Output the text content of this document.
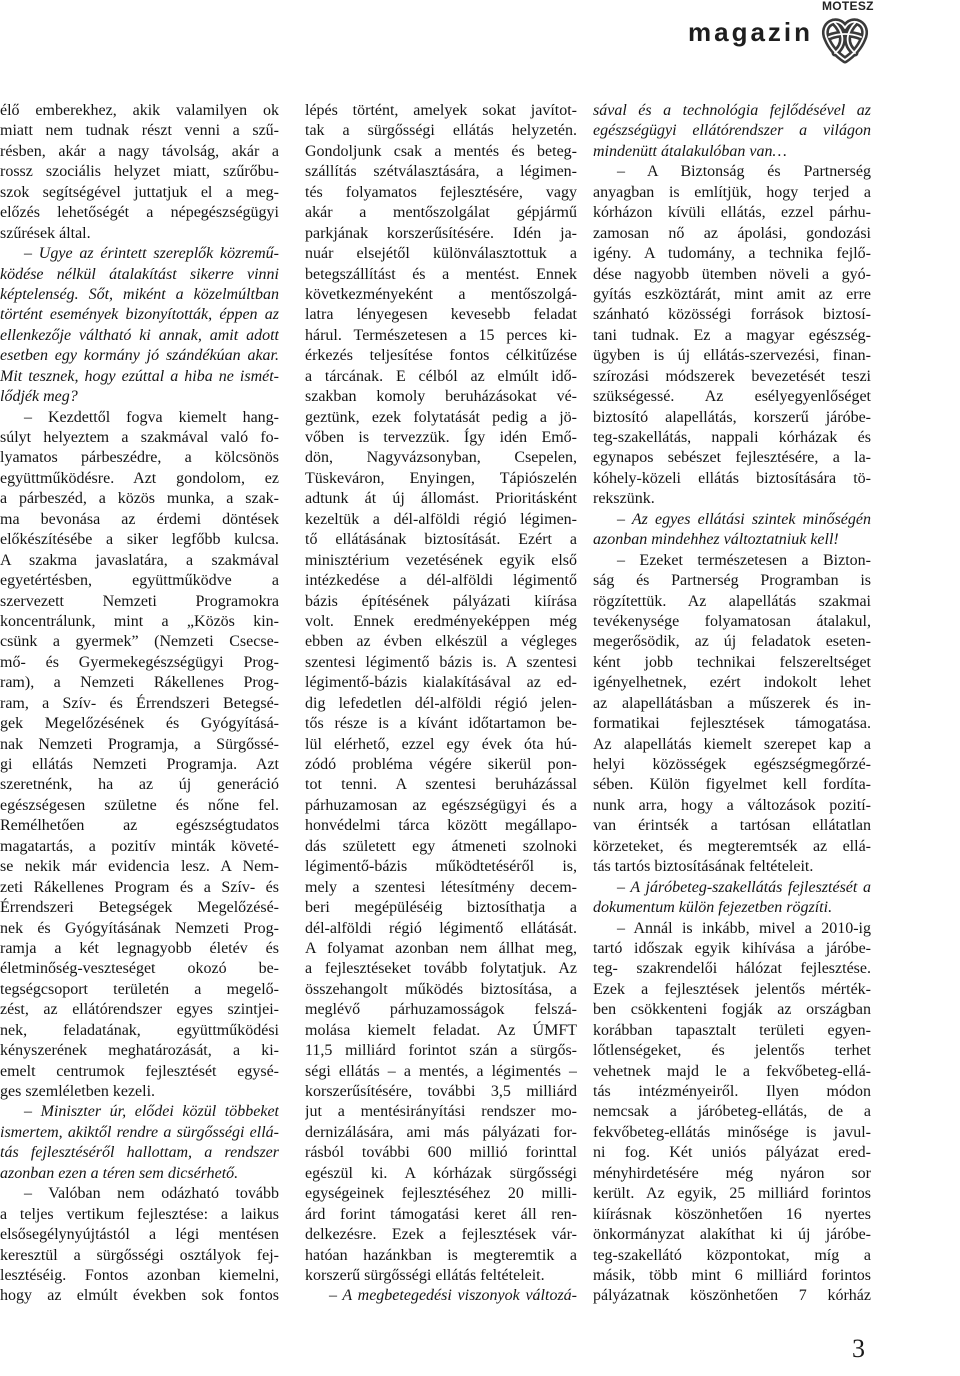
MOTESZ
magazin
élő emberekhez, akik valamilyen ok
miatt nem tudnak részt venni a szű-
résben, akár a nagy távolság, akár a
rossz szociális helyzet miatt, szűrőbu-
szok segítségével juttatjuk el a meg-
előzés lehetőségét a népegészségügyi
szűrések által.
– Ugye az érintett szereplők közremű-
ködése nélkül átalakítást sikerre vinni
képtelenség. Sőt, miként a közelmúltban
történt események bizonyították, éppen az
ellenkezője váltható ki annak, amit adott
esetben egy kormány jó szándékúan akar.
Mit tesznek, hogy ezúttal a hiba ne ismét-
lődjék meg?
– Kezdettől fogva kiemelt hang-
súlyt helyeztem a szakmával való fo-
lyamatos párbeszédre, a kölcsönös
együttműködésre. Azt gondolom, ez
a párbeszéd, a közös munka, a szak-
ma bevonása az érdemi döntések
előkészítésébe a siker legfőbb kulcsa.
A szakma javaslatára, a szakmával
egyetértésben, együttműködve a
szervezett Nemzeti Programokra
koncentrálunk, mint a „Közös kin-
csünk a gyermek” (Nemzeti Csecse-
mő- és Gyermekegészségügyi Prog-
ram), a Nemzeti Rákellenes Prog-
ram, a Szív- és Érrendszeri Betegsé-
gek Megelőzésének és Gyógyításá-
nak Nemzeti Programja, a Sürgőssé-
gi ellátás Nemzeti Programja. Azt
szeretnénk, ha az új generáció
egészségesen születne és nőne fel.
Remélhetően az egészségtudatos
magatartás, a pozitív minták követé-
se nekik már evidencia lesz. A Nem-
zeti Rákellenes Program és a Szív- és
Érrendszeri Betegségek Megelőzésé-
nek és Gyógyításának Nemzeti Prog-
ramja a két legnagyobb életév és
életminőség-veszteséget okozó be-
tegségcsoport területén a megelő-
zést, az ellátórendszer egyes szintjei-
nek, feladatának, együttműködési
kényszerének meghatározását, a ki-
emelt centrumok fejlesztését egysé-
ges szemléletben kezeli.
– Miniszter úr, elődei közül többeket
ismertem, akiktől rendre a sürgősségi ellá-
tás fejlesztéséről hallottam, a rendszer
azonban ezen a téren sem dicsérhető.
– Valóban nem odázható tovább
a teljes vertikum fejlesztése: a laikus
elsősegélynyújtástól a légi mentésen
keresztül a sürgősségi osztályok fej-
lesztéséig. Fontos azonban kiemelni,
hogy az elmúlt években sok fontos
lépés történt, amelyek sokat javítot-
tak a sürgősségi ellátás helyzetén.
Gondoljunk csak a mentés és beteg-
szállítás szétválasztására, a légimen-
tés folyamatos fejlesztésére, vagy
akár a mentőszolgálat gépjármű
parkjának korszerűsítésére. Idén ja-
nuár elsejétől különválasztottuk a
betegszállítást és a mentést. Ennek
következményeként a mentőszolgá-
latra lényegesen kevesebb feladat
hárul. Természetesen a 15 perces ki-
érkezés teljesítése fontos célkitűzése
a tárcának. E célból az elmúlt idő-
szakban komoly beruházásokat vé-
geztünk, ezek folytatását pedig a jö-
vőben is tervezzük. Így idén Emő-
dön, Nagyvázsonyban, Csepelen,
Tüskeváron, Enyingen, Tápiószelén
adtunk át új állomást. Prioritásként
kezeltük a dél-alföldi régió légimen-
tő ellátásának biztosítását. Ezért a
minisztérium vezetésének egyik első
intézkedése a dél-alföldi légimentő
bázis építésének pályázati kiírása
volt. Ennek eredményeképpen még
ebben az évben elkészül a végleges
szentesi légimentő bázis is. A szentesi
légimentő-bázis kialakításával az ed-
dig lefedetlen dél-alföldi régió jelen-
tős része is a kívánt időtartamon be-
lül elérhető, ezzel egy évek óta hú-
zódó probléma végére sikerül pon-
tot tenni. A szentesi beruházással
párhuzamosan az egészségügyi és a
honvédelmi tárca között megállapo-
dás született egy átmeneti szolnoki
légimentő-bázis működtetéséről is,
mely a szentesi létesítmény decem-
beri megépüléséig biztosíthatja a
dél-alföldi régió légimentő ellátását.
A folyamat azonban nem állhat meg,
a fejlesztéseket tovább folytatjuk. Az
összehangolt működés biztosítása, a
meglévő párhuzamosságok felszá-
molása kiemelt feladat. Az ÚMFT
11,5 milliárd forintot szán a sürgős-
ségi ellátás – a mentés, a légimentés –
korszerűsítésére, további 3,5 milliárd
jut a mentésirányítási rendszer mo-
dernizálására, ami más pályázati for-
rásból további 600 millió forinttal
egészül ki. A kórházak sürgősségi
egységeinek fejlesztéséhez 20 milli-
árd forint támogatási keret áll ren-
delkezésre. Ezek a fejlesztések vár-
hatóan hazánkban is megteremtik a
korszerű sürgősségi ellátás feltételeit.
– A megbetegedési viszonyok változá-
sával és a technológia fejlődésével az
egészségügyi ellátórendszer a világon
mindenütt átalakulóban van…
– A Biztonság és Partnerség
anyagban is említjük, hogy terjed a
kórházon kívüli ellátás, ezzel párhu-
zamosan nő az ápolási, gondozási
igény. A tudomány, a technika fejlő-
dése nagyobb ütemben növeli a gyó-
gyítás eszköztárát, mint amit az erre
szánható közösségi források biztosí-
tani tudnak. Ez a magyar egészség-
ügyben is új ellátás-szervezési, finan-
szírozási módszerek bevezetését teszi
szükségessé. Az esélyegyenlőséget
biztosító alapellátás, korszerű járóbe-
teg-szakellátás, nappali kórházak és
egynapos sebészet fejlesztésére, a la-
kóhely-közeli ellátás biztosítására tö-
rekszünk.
– Az egyes ellátási szintek minőségén
azonban mindehhez változtatniuk kell!
– Ezeket természetesen a Bizton-
ság és Partnerség Programban is
rögzítettük. Az alapellátás szakmai
tevékenysége folyamatosan átalakul,
megerősödik, az új feladatok eseten-
ként jobb technikai felszereltséget
igényelhetnek, ezért indokolt lehet
az alapellátásban a műszerek és in-
formatikai fejlesztések támogatása.
Az alapellátás kiemelt szerepet kap a
helyi közösségek egészségmegőrzé-
sében. Külön figyelmet kell fordíta-
nunk arra, hogy a változások pozití-
van érintsék a tartósan ellátatlan
körzeteket, és megteremtsék az ellá-
tás tartós biztosításának feltételeit.
– A járóbeteg-szakellátás fejlesztését a
dokumentum külön fejezetben rögzíti.
– Annál is inkább, mivel a 2010-ig
tartó időszak egyik kihívása a járóbe-
teg- szakrendelői hálózat fejlesztése.
Ezek a fejlesztések jelentős mérték-
ben csökkenteni fogják az országban
korábban tapasztalt területi egyen-
lőtlenségeket, és jelentős terhet
vehetnek majd le a fekvőbeteg-ellá-
tás intézményeiről. Ilyen módon
nemcsak a járóbeteg-ellátás, de a
fekvőbeteg-ellátás minősége is javul-
ni fog. Két uniós pályázat ered-
ményhirdetésére még nyáron sor
került. Az egyik, 25 milliárd forintos
kiírásnak köszönhetően 16 nyertes
önkormányzat alakíthat ki új járóbe-
teg-szakellátó központokat, míg a
másik, több mint 6 milliárd forintos
pályázatnak köszönhetően 7 kórház
3
